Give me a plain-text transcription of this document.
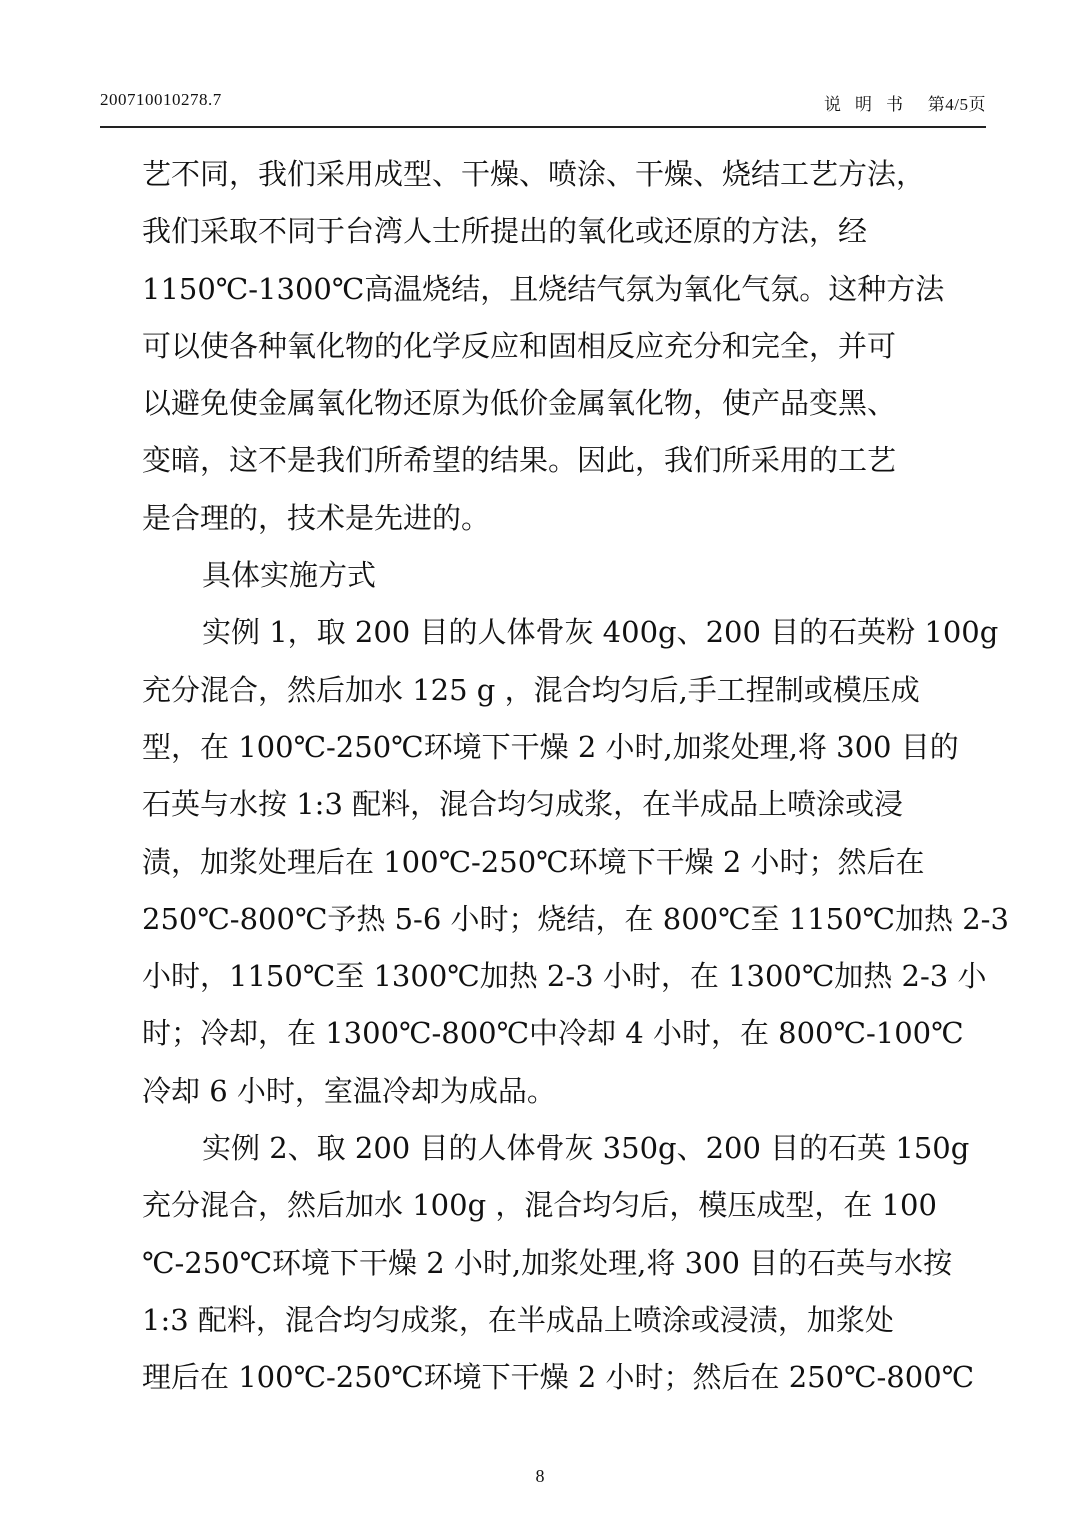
200710010278.7	说明书 第4/5页
艺不同，我们采用成型、干燥、喷涂、干燥、烧结工艺方法，
我们采取不同于台湾人士所提出的氧化或还原的方法，经
1150℃-1300℃高温烧结，且烧结气氛为氧化气氛。这种方法
可以使各种氧化物的化学反应和固相反应充分和完全，并可
以避免使金属氧化物还原为低价金属氧化物，使产品变黑、
变暗，这不是我们所希望的结果。因此，我们所采用的工艺
是合理的，技术是先进的。
具体实施方式
实例 1，取 200 目的人体骨灰 400g、200 目的石英粉 100g
充分混合，然后加水 125 g ，混合均匀后,手工捏制或模压成
型，在 100℃-250℃环境下干燥 2 小时,加浆处理,将 300 目的
石英与水按 1:3 配料，混合均匀成浆，在半成品上喷涂或浸
渍，加浆处理后在 100℃-250℃环境下干燥 2 小时；然后在
250℃-800℃予热 5-6 小时；烧结，在 800℃至 1150℃加热 2-3
小时，1150℃至 1300℃加热 2-3 小时，在 1300℃加热 2-3 小
时；冷却，在 1300℃-800℃中冷却 4 小时，在 800℃-100℃
冷却 6 小时，室温冷却为成品。
实例 2、取 200 目的人体骨灰 350g、200 目的石英 150g
充分混合，然后加水 100g ，混合均匀后，模压成型，在 100
℃-250℃环境下干燥 2 小时,加浆处理,将 300 目的石英与水按
1:3 配料，混合均匀成浆，在半成品上喷涂或浸渍，加浆处
理后在 100℃-250℃环境下干燥 2 小时；然后在 250℃-800℃
8
